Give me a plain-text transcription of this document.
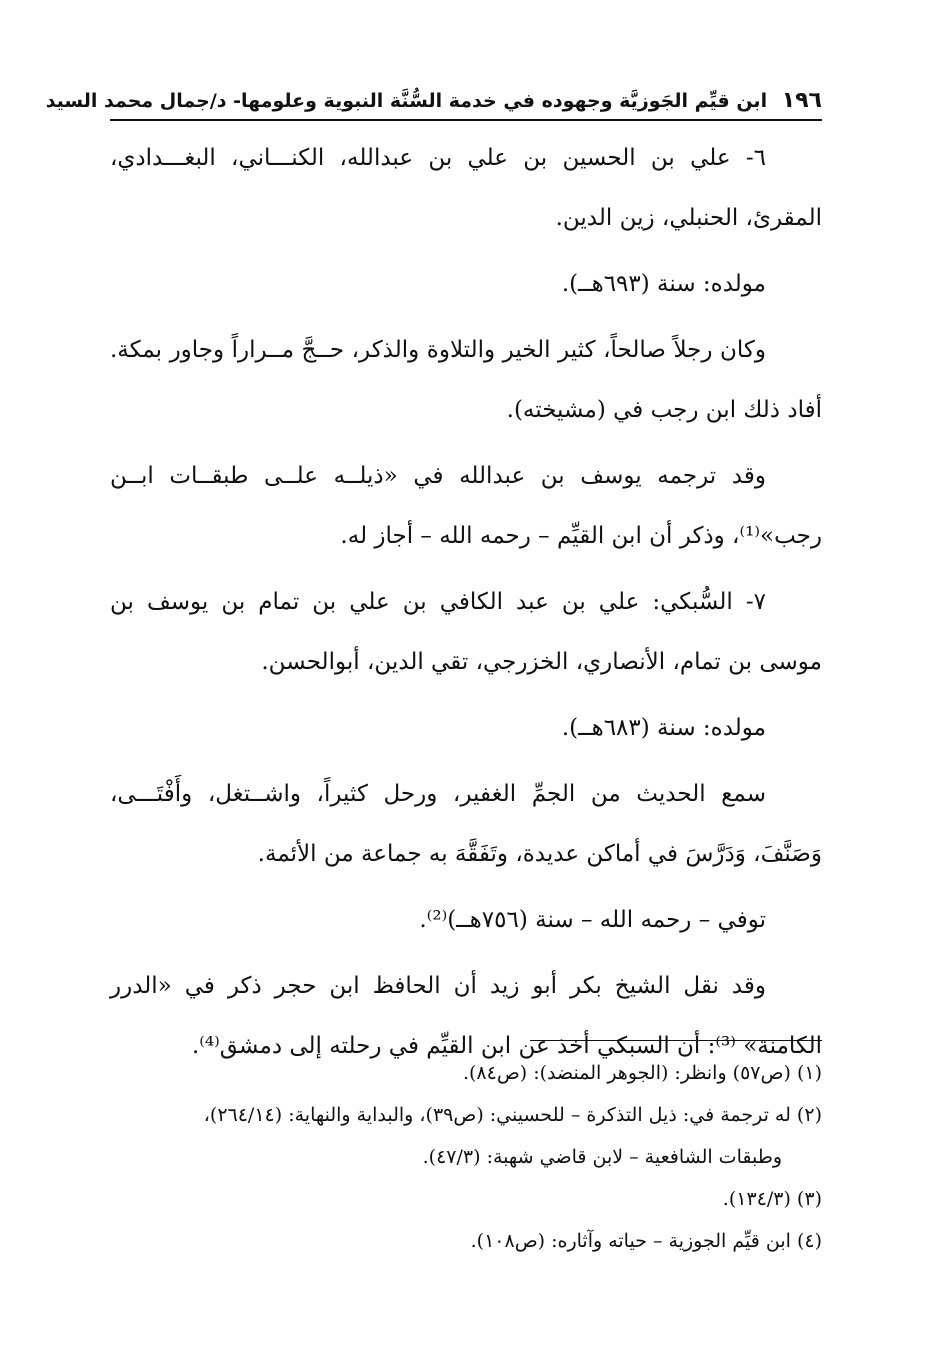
١٩٦ ابن قيِّم الجَوزيَّة وجهوده في خدمة السُّنَّة النبوية وعلومها- د/جمال محمد السيد

٦- علي بن الحسين بن علي بن عبدالله، الكنـــاني، البغـــدادي، المقرئ، الحنبلي، زين الدين.

مولده: سنة (٦٩٣هــ).

وكان رجلاً صالحاً، كثير الخير والتلاوة والذكر، حــجَّ مــراراً وجاور بمكة. أفاد ذلك ابن رجب في (مشيخته).

وقد ترجمه يوسف بن عبدالله في «ذيلــه علــى طبقــات ابــن رجب»⁽¹⁾، وذكر أن ابن القيِّم – رحمه الله – أجاز له.

٧- السُّبكي: علي بن عبد الكافي بن علي بن تمام بن يوسف بن موسى بن تمام، الأنصاري، الخزرجي، تقي الدين، أبوالحسن.

مولده: سنة (٦٨٣هــ).

سمع الحديث من الجمِّ الغفير، ورحل كثيراً، واشــتغل، وأَفْتَـــى، وَصَنَّفَ، وَدَرَّسَ في أماكن عديدة، وتَفَقَّهَ به جماعة من الأئمة.

توفي – رحمه الله – سنة (٧٥٦هــ)⁽²⁾.

وقد نقل الشيخ بكر أبو زيد أن الحافظ ابن حجر ذكر في «الدرر الكامنة» ⁽³⁾: أن السبكي أخذ عن ابن القيِّم في رحلته إلى دمشق⁽⁴⁾.

(١) (ص٥٧) وانظر: (الجوهر المنضد): (ص٨٤).

(٢) له ترجمة في: ذيل التذكرة – للحسيني: (ص٣٩)، والبداية والنهاية: (٢٦٤/١٤)،

وطبقات الشافعية – لابن قاضي شهبة: (٤٧/٣).

(٣) (١٣٤/٣).

(٤) ابن قيِّم الجوزية – حياته وآثاره: (ص١٠٨).
